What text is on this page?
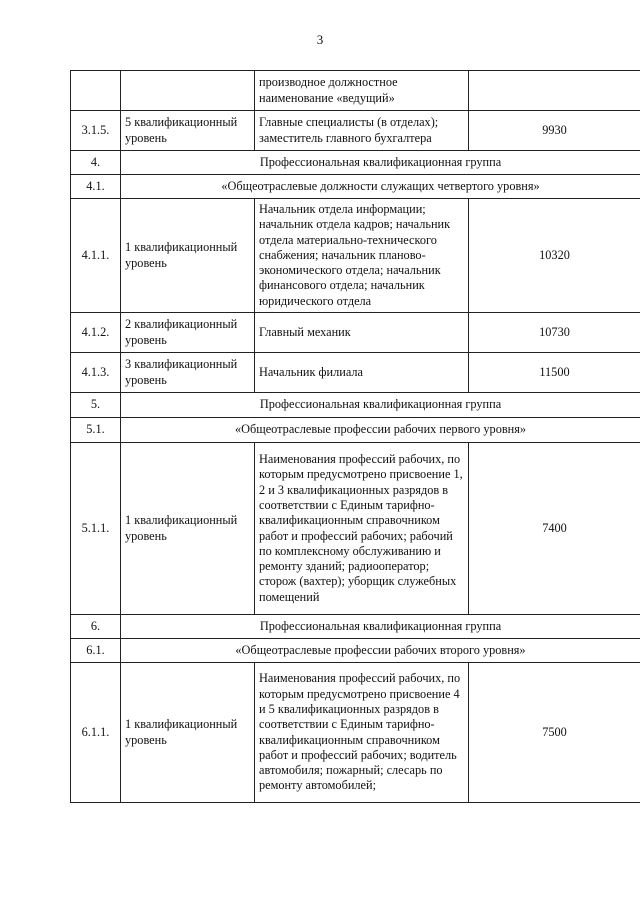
3
		производное должностное наименование «ведущий»	
3.1.5.	5 квалификационный уровень	Главные специалисты (в отделах); заместитель главного бухгалтера	9930
4.	Профессиональная квалификационная группа		
4.1.	«Общеотраслевые должности служащих четвертого уровня»		
4.1.1.	1 квалификационный уровень	Начальник отдела информации; начальник отдела кадров; начальник отдела материально-технического снабжения; начальник планово-экономического отдела; начальник финансового отдела; начальник юридического отдела	10320
4.1.2.	2 квалификационный уровень	Главный механик	10730
4.1.3.	3 квалификационный уровень	Начальник филиала	11500
5.	Профессиональная квалификационная группа		
5.1.	«Общеотраслевые профессии рабочих первого уровня»		
5.1.1.	1 квалификационный уровень	Наименования профессий рабочих, по которым предусмотрено присвоение 1, 2 и 3 квалификационных разрядов в соответствии с Единым тарифно-квалификационным справочником работ и профессий рабочих; рабочий по комплексному обслуживанию и ремонту зданий; радиооператор; сторож (вахтер); уборщик служебных помещений	7400
6.	Профессиональная квалификационная группа		
6.1.	«Общеотраслевые профессии рабочих второго уровня»		
6.1.1.	1 квалификационный уровень	Наименования профессий рабочих, по которым предусмотрено присвоение 4 и 5 квалификационных разрядов в соответствии с Единым тарифно-квалификационным справочником работ и профессий рабочих; водитель автомобиля; пожарный; слесарь по ремонту автомобилей;	7500
